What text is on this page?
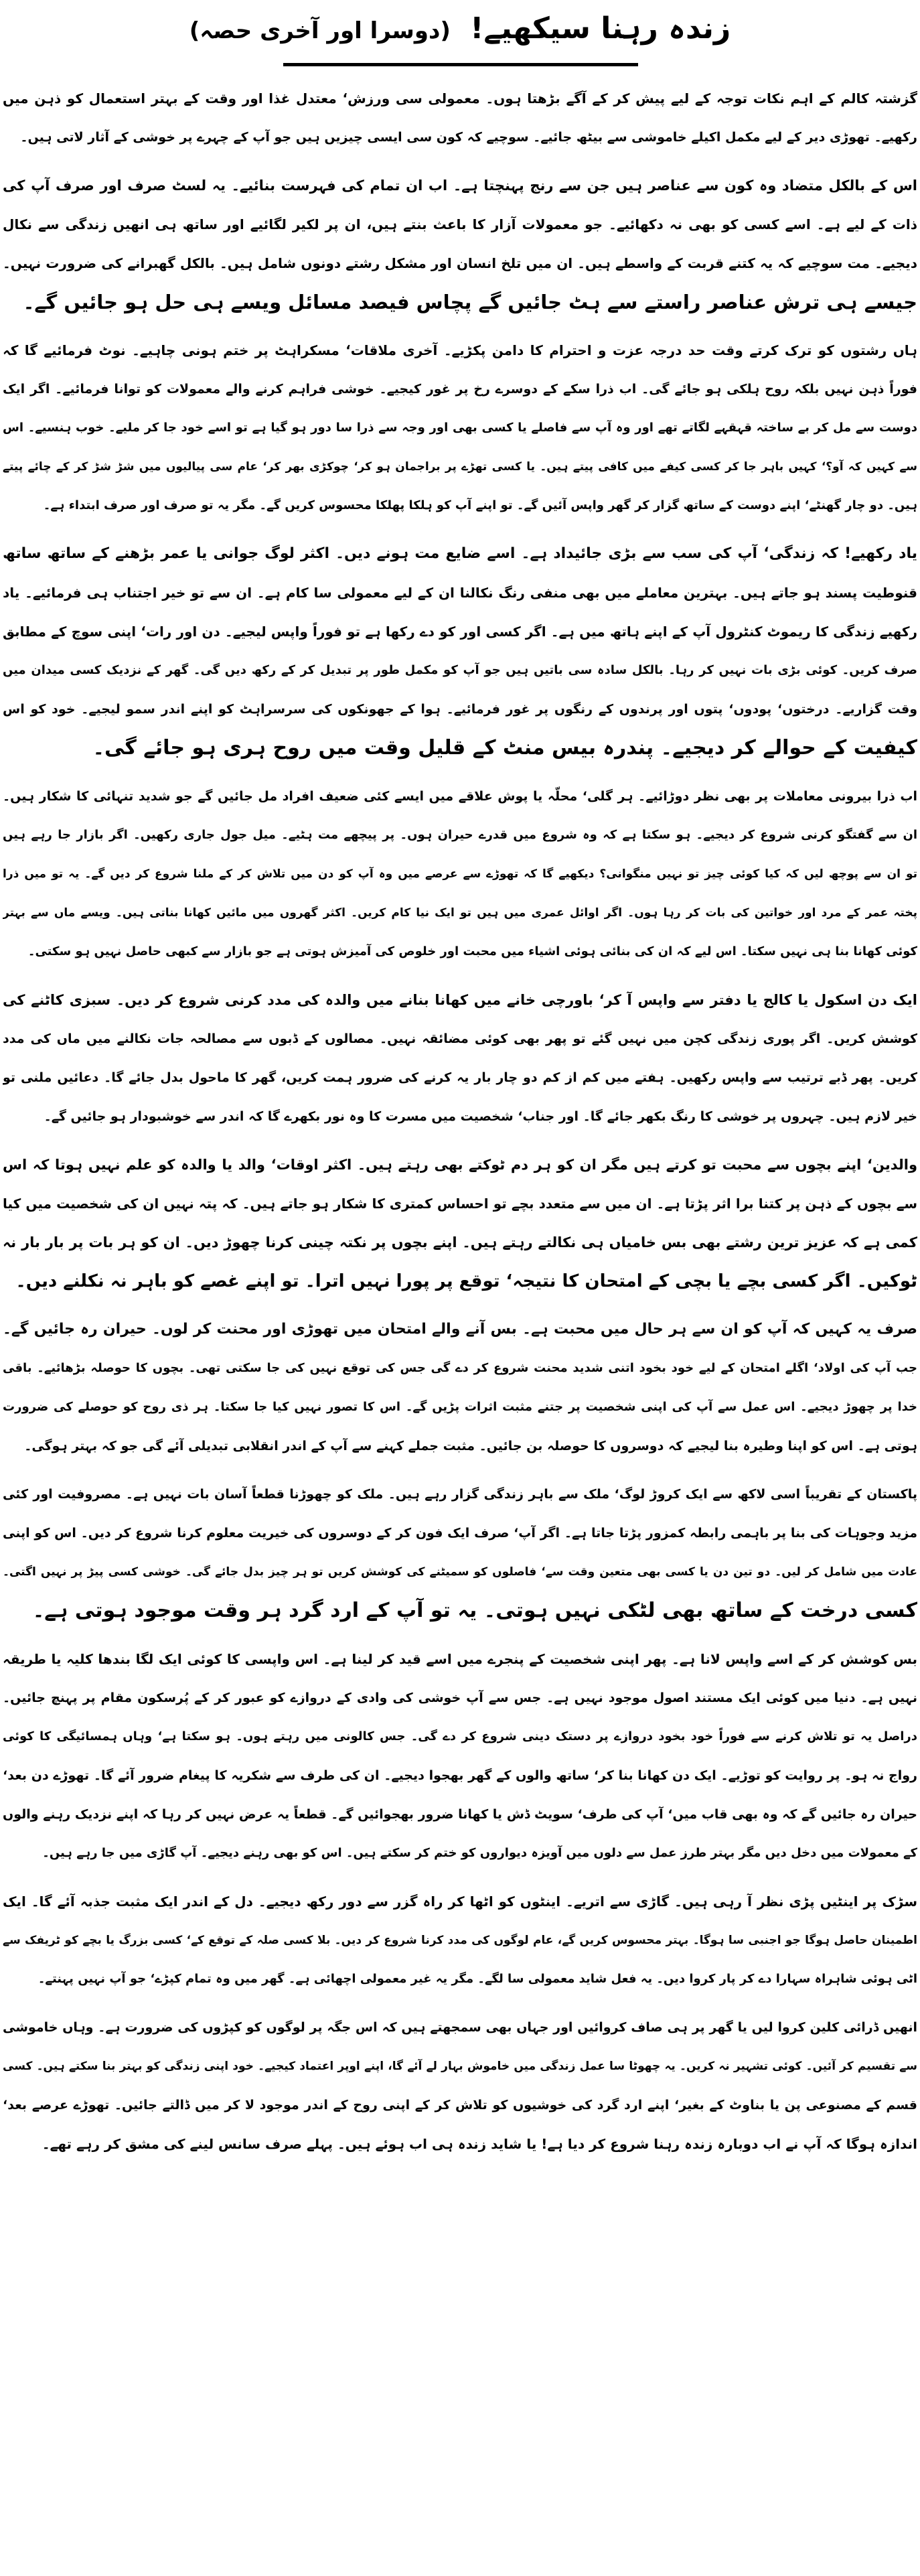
زندہ رہنا سیکھیے! (دوسرا اور آخری حصہ)
گزشتہ کالم کے اہم نکات توجہ کے لیے پیش کر کے آگے بڑھتا ہوں۔ معمولی سی ورزش‘ معتدل غذا اور وقت کے بہتر استعمال کو ذہن میں
رکھیے۔ تھوڑی دیر کے لیے مکمل اکیلے خاموشی سے بیٹھ جائیے۔ سوچیے کہ کون سی ایسی چیزیں ہیں جو آپ کے چہرے پر خوشی کے آثار لاتی ہیں۔
اس کے بالکل متضاد وہ کون سے عناصر ہیں جن سے رنج پہنچتا ہے۔ اب ان تمام کی فہرست بنائیے۔ یہ لسٹ صرف اور صرف آپ کی
ذات کے لیے ہے۔ اسے کسی کو بھی نہ دکھائیے۔ جو معمولات آزار کا باعث بنتے ہیں، ان پر لکیر لگائیے اور ساتھ ہی انھیں زندگی سے نکال
دیجیے۔ مت سوچیے کہ یہ کتنے قربت کے واسطے ہیں۔ ان میں تلخ انسان اور مشکل رشتے دونوں شامل ہیں۔ بالکل گھبرانے کی ضرورت نہیں۔
جیسے ہی ترش عناصر راستے سے ہٹ جائیں گے پچاس فیصد مسائل ویسے ہی حل ہو جائیں گے۔
ہاں رشتوں کو ترک کرتے وقت حد درجہ عزت و احترام کا دامن پکڑیے۔ آخری ملاقات‘ مسکراہٹ پر ختم ہونی چاہیے۔ نوٹ فرمائیے گا کہ
فوراً ذہن نہیں بلکہ روح ہلکی ہو جائے گی۔ اب ذرا سکے کے دوسرے رخ پر غور کیجیے۔ خوشی فراہم کرنے والے معمولات کو توانا فرمائیے۔ اگر ایک
دوست سے مل کر بے ساختہ قہقہے لگاتے تھے اور وہ آپ سے فاصلے یا کسی بھی اور وجہ سے ذرا سا دور ہو گیا ہے تو اسے خود جا کر ملیے۔ خوب ہنسیے۔ اس
سے کہیں کہ آو؟‘ کہیں باہر جا کر کسی کیفے میں کافی پیتے ہیں۔ یا کسی تھڑے پر براجمان ہو کر‘ چوکڑی بھر کر‘ عام سی پیالیوں میں شڑ شڑ کر کے چائے پیتے
ہیں۔ دو چار گھنٹے‘ اپنے دوست کے ساتھ گزار کر گھر واپس آئیں گے۔ تو اپنے آپ کو ہلکا پھلکا محسوس کریں گے۔ مگر یہ تو صرف اور صرف ابتداء ہے۔
یاد رکھیے! کہ زندگی‘ آپ کی سب سے بڑی جائیداد ہے۔ اسے ضایع مت ہونے دیں۔ اکثر لوگ جوانی یا عمر بڑھنے کے ساتھ ساتھ
قنوطیت پسند ہو جاتے ہیں۔ بہترین معاملے میں بھی منفی رنگ نکالنا ان کے لیے معمولی سا کام ہے۔ ان سے تو خیر اجتناب ہی فرمائیے۔ یاد
رکھیے زندگی کا ریموٹ کنٹرول آپ کے اپنے ہاتھ میں ہے۔ اگر کسی اور کو دے رکھا ہے تو فوراً واپس لیجیے۔ دن اور رات‘ اپنی سوچ کے مطابق
صرف کریں۔ کوئی بڑی بات نہیں کر رہا۔ بالکل سادہ سی باتیں ہیں جو آپ کو مکمل طور پر تبدیل کر کے رکھ دیں گی۔ گھر کے نزدیک کسی میدان میں
وقت گزاریے۔ درختوں‘ پودوں‘ پتوں اور پرندوں کے رنگوں پر غور فرمائیے۔ ہوا کے جھونکوں کی سرسراہٹ کو اپنے اندر سمو لیجیے۔ خود کو اس
کیفیت کے حوالے کر دیجیے۔ پندرہ بیس منٹ کے قلیل وقت میں روح ہری ہو جائے گی۔
اب ذرا بیرونی معاملات پر بھی نظر دوڑائیے۔ ہر گلی‘ محلّہ یا پوش علاقے میں ایسے کئی ضعیف افراد مل جائیں گے جو شدید تنہائی کا شکار ہیں۔
ان سے گفتگو کرنی شروع کر دیجیے۔ ہو سکتا ہے کہ وہ شروع میں قدرے حیران ہوں۔ پر پیچھے مت ہٹیے۔ میل جول جاری رکھیں۔ اگر بازار جا رہے ہیں
تو ان سے پوچھ لیں کہ کیا کوئی چیز تو نہیں منگوانی؟ دیکھیے گا کہ تھوڑے سے عرصے میں وہ آپ کو دن میں تلاش کر کے ملنا شروع کر دیں گے۔ یہ تو میں ذرا
پختہ عمر کے مرد اور خواتین کی بات کر رہا ہوں۔ اگر اوائل عمری میں ہیں تو ایک نیا کام کریں۔ اکثر گھروں میں مائیں کھانا بناتی ہیں۔ ویسے ماں سے بہتر
کوئی کھانا بنا ہی نہیں سکتا۔ اس لیے کہ ان کی بنائی ہوئی اشیاء میں محبت اور خلوص کی آمیزش ہوتی ہے جو بازار سے کبھی حاصل نہیں ہو سکتی۔
ایک دن اسکول یا کالج یا دفتر سے واپس آ کر‘ باورچی خانے میں کھانا بنانے میں والدہ کی مدد کرنی شروع کر دیں۔ سبزی کاٹنے کی
کوشش کریں۔ اگر پوری زندگی کچن میں نہیں گئے تو پھر بھی کوئی مضائقہ نہیں۔ مصالوں کے ڈبوں سے مصالحہ جات نکالنے میں ماں کی مدد
کریں۔ پھر ڈبے ترتیب سے واپس رکھیں۔ ہفتے میں کم از کم دو چار بار یہ کرنے کی ضرور ہمت کریں، گھر کا ماحول بدل جائے گا۔ دعائیں ملنی تو
خیر لازم ہیں۔ چہروں پر خوشی کا رنگ بکھر جائے گا۔ اور جناب‘ شخصیت میں مسرت کا وہ نور بکھرے گا کہ اندر سے خوشبودار ہو جائیں گے۔
والدین‘ اپنے بچوں سے محبت تو کرتے ہیں مگر ان کو ہر دم ٹوکتے بھی رہتے ہیں۔ اکثر اوقات‘ والد یا والدہ کو علم نہیں ہوتا کہ اس
سے بچوں کے ذہن پر کتنا برا اثر پڑتا ہے۔ ان میں سے متعدد بچے تو احساس کمتری کا شکار ہو جاتے ہیں۔ کہ پتہ نہیں ان کی شخصیت میں کیا
کمی ہے کہ عزیز ترین رشتے بھی بس خامیاں ہی نکالتے رہتے ہیں۔ اپنے بچوں پر نکتہ چینی کرنا چھوڑ دیں۔ ان کو ہر بات پر بار بار نہ
ٹوکیں۔ اگر کسی بچے یا بچی کے امتحان کا نتیجہ‘ توقع پر پورا نہیں اترا۔ تو اپنے غصے کو باہر نہ نکلنے دیں۔
صرف یہ کہیں کہ آپ کو ان سے ہر حال میں محبت ہے۔ بس آنے والے امتحان میں تھوڑی اور محنت کر لوں۔ حیران رہ جائیں گے۔
جب آپ کی اولاد‘ اگلے امتحان کے لیے خود بخود اتنی شدید محنت شروع کر دے گی جس کی توقع نہیں کی جا سکتی تھی۔ بچوں کا حوصلہ بڑھائیے۔ باقی
خدا پر چھوڑ دیجیے۔ اس عمل سے آپ کی اپنی شخصیت پر جتنے مثبت اثرات پڑیں گے۔ اس کا تصور نہیں کیا جا سکتا۔ ہر ذی روح کو حوصلے کی ضرورت
ہوتی ہے۔ اس کو اپنا وطیرہ بنا لیجیے کہ دوسروں کا حوصلہ بن جائیں۔ مثبت جملے کہنے سے آپ کے اندر انقلابی تبدیلی آئے گی جو کہ بہتر ہوگی۔
پاکستان کے تقریباً اسی لاکھ سے ایک کروڑ لوگ‘ ملک سے باہر زندگی گزار رہے ہیں۔ ملک کو چھوڑنا قطعاً آسان بات نہیں ہے۔ مصروفیت اور کئی
مزید وجوہات کی بنا پر باہمی رابطہ کمزور پڑتا جاتا ہے۔ اگر آپ‘ صرف ایک فون کر کے دوسروں کی خیریت معلوم کرنا شروع کر دیں۔ اس کو اپنی
عادت میں شامل کر لیں۔ دو تین دن یا کسی بھی متعین وقت سے‘ فاصلوں کو سمیٹنے کی کوشش کریں تو ہر چیز بدل جائے گی۔ خوشی کسی پیڑ پر نہیں اگتی۔
کسی درخت کے ساتھ بھی لٹکی نہیں ہوتی۔ یہ تو آپ کے ارد گرد ہر وقت موجود ہوتی ہے۔
بس کوشش کر کے اسے واپس لانا ہے۔ پھر اپنی شخصیت کے پنجرے میں اسے قید کر لینا ہے۔ اس واپسی کا کوئی ایک لگا بندھا کلیہ یا طریقہ
نہیں ہے۔ دنیا میں کوئی ایک مستند اصول موجود نہیں ہے۔ جس سے آپ خوشی کی وادی کے دروازے کو عبور کر کے پُرسکون مقام پر پہنچ جائیں۔
دراصل یہ تو تلاش کرنے سے فوراً خود بخود دروازے پر دستک دینی شروع کر دے گی۔ جس کالونی میں رہتے ہوں۔ ہو سکتا ہے‘ وہاں ہمسائیگی کا کوئی
رواج نہ ہو۔ پر روایت کو توڑیے۔ ایک دن کھانا بنا کر‘ ساتھ والوں کے گھر بھجوا دیجیے۔ ان کی طرف سے شکریہ کا پیغام ضرور آئے گا۔ تھوڑے دن بعد‘
حیران رہ جائیں گے کہ وہ بھی قاب میں‘ آپ کی طرف‘ سویٹ ڈش یا کھانا ضرور بھجوائیں گے۔ قطعاً یہ عرض نہیں کر رہا کہ اپنے نزدیک رہنے والوں
کے معمولات میں دخل دیں مگر بہتر طرز عمل سے دلوں میں آویزہ دیواروں کو ختم کر سکتے ہیں۔ اس کو بھی رہنے دیجیے۔ آپ گاڑی میں جا رہے ہیں۔
سڑک پر اینٹیں پڑی نظر آ رہی ہیں۔ گاڑی سے اتریے۔ اینٹوں کو اٹھا کر راہ گزر سے دور رکھ دیجیے۔ دل کے اندر ایک مثبت جذبہ آئے گا۔ ایک
اطمینان حاصل ہوگا جو اجنبی سا ہوگا۔ بہتر محسوس کریں گے، عام لوگوں کی مدد کرنا شروع کر دیں۔ بلا کسی صلہ کے توقع کے‘ کسی بزرگ یا بچے کو ٹریفک سے
اٹی ہوئی شاہراہ سہارا دے کر پار کروا دیں۔ یہ فعل شاید معمولی سا لگے۔ مگر یہ غیر معمولی اچھائی ہے۔ گھر میں وہ تمام کپڑے‘ جو آپ نہیں پہنتے۔
انھیں ڈرائی کلین کروا لیں یا گھر پر ہی صاف کروائیں اور جہاں بھی سمجھتے ہیں کہ اس جگہ پر لوگوں کو کپڑوں کی ضرورت ہے۔ وہاں خاموشی
سے تقسیم کر آئیں۔ کوئی تشہیر نہ کریں۔ یہ چھوٹا سا عمل زندگی میں خاموش بہار لے آئے گا، اپنے اوپر اعتماد کیجیے۔ خود اپنی زندگی کو بہتر بنا سکتے ہیں۔ کسی
قسم کے مصنوعی پن یا بناوٹ کے بغیر‘ اپنے ارد گرد کی خوشیوں کو تلاش کر کے اپنی روح کے اندر موجود لا کر میں ڈالتے جائیں۔ تھوڑے عرصے بعد‘
اندازہ ہوگا کہ آپ نے اب دوبارہ زندہ رہنا شروع کر دیا ہے! یا شاید زندہ ہی اب ہوئے ہیں۔ پہلے صرف سانس لینے کی مشق کر رہے تھے۔
